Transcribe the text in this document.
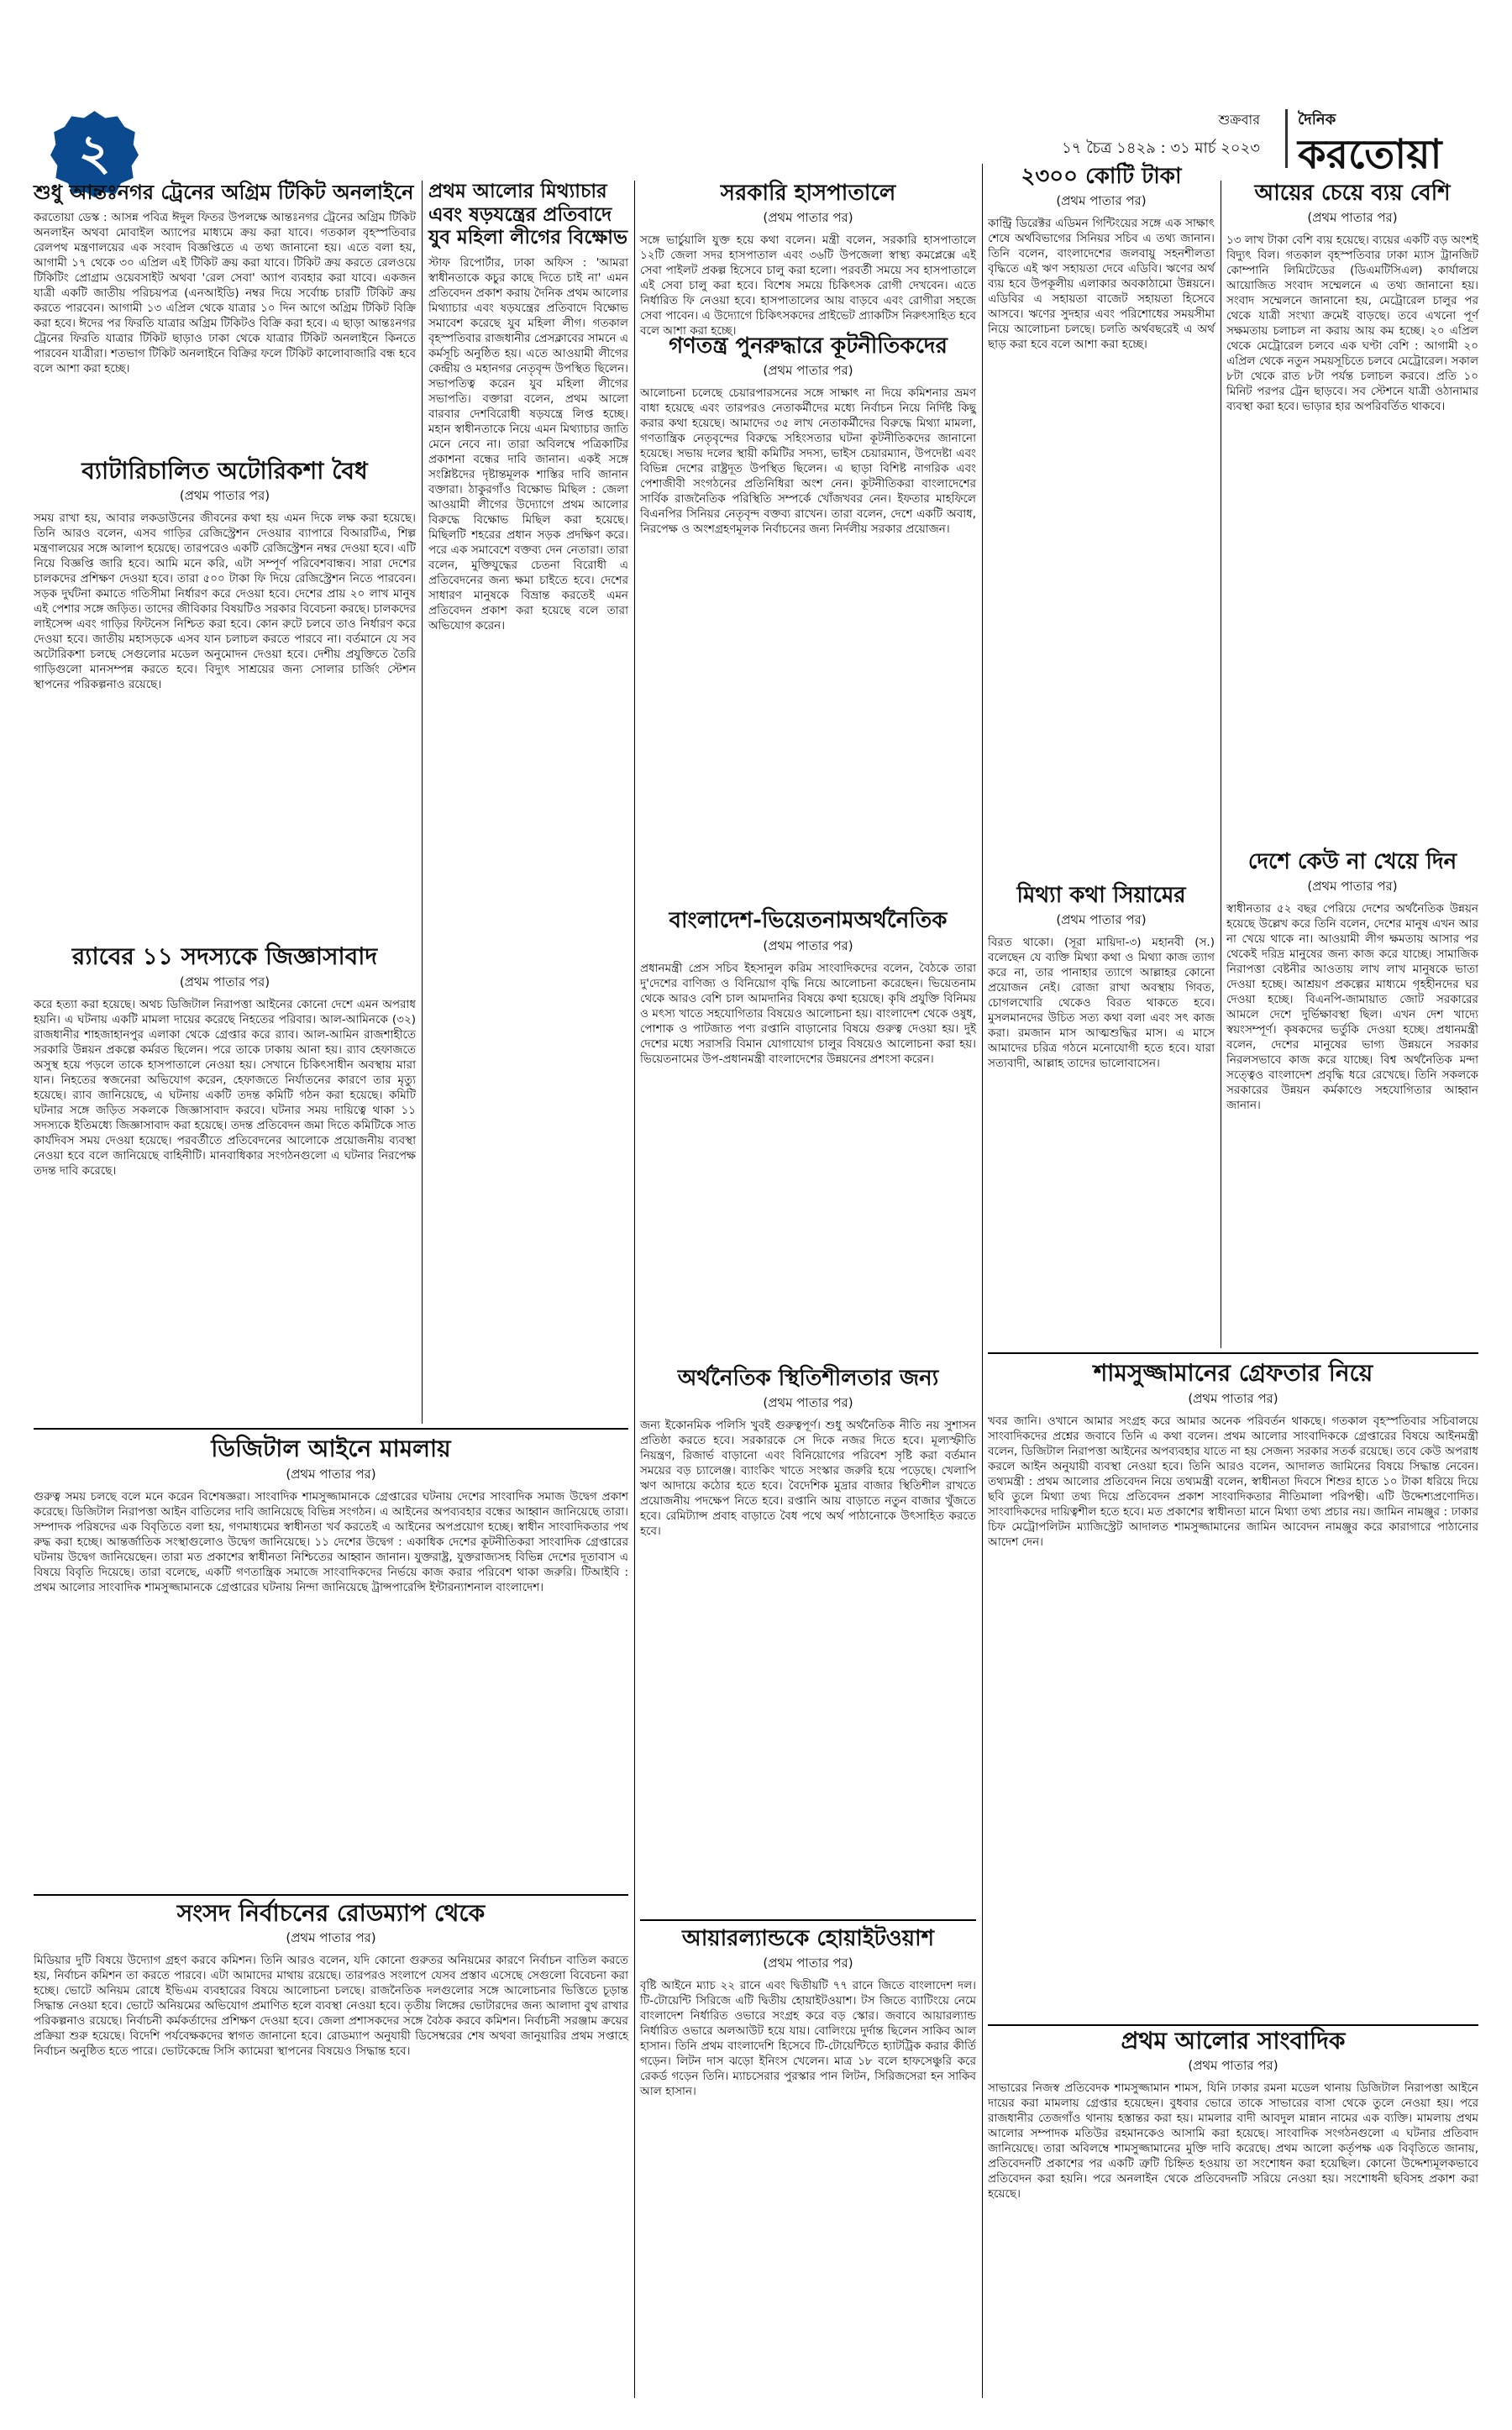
২
শুক্রবার
১৭ চৈত্র ১৪২৯ : ৩১ মার্চ ২০২৩
দৈনিক
করতোয়া
শুধু আন্তঃনগর ট্রেনের অগ্রিম টিকিট অনলাইনে
করতোয়া ডেস্ক : আসন্ন পবিত্র ঈদুল ফিতর উপলক্ষে আন্তঃনগর ট্রেনের অগ্রিম টিকিট অনলাইন অথবা মোবাইল অ্যাপের মাধ্যমে ক্রয় করা যাবে। গতকাল বৃহস্পতিবার রেলপথ মন্ত্রণালয়ের এক সংবাদ বিজ্ঞপ্তিতে এ তথ্য জানানো হয়। এতে বলা হয়, আগামী ১৭ থেকে ৩০ এপ্রিল এই টিকিট ক্রয় করা যাবে। টিকিট ক্রয় করতে রেলওয়ে টিকিটিং প্রোগ্রাম ওয়েবসাইট অথবা 'রেল সেবা' অ্যাপ ব্যবহার করা যাবে। একজন যাত্রী একটি জাতীয় পরিচয়পত্র (এনআইডি) নম্বর দিয়ে সর্বোচ্চ চারটি টিকিট ক্রয় করতে পারবেন। আগামী ১৩ এপ্রিল থেকে যাত্রার ১০ দিন আগে অগ্রিম টিকিট বিক্রি করা হবে। ঈদের পর ফিরতি যাত্রার অগ্রিম টিকিটও বিক্রি করা হবে। এ ছাড়া আন্তঃনগর ট্রেনের ফিরতি যাত্রার টিকিট ছাড়াও ঢাকা থেকে যাত্রার টিকিট অনলাইনে কিনতে পারবেন যাত্রীরা। শতভাগ টিকিট অনলাইনে বিক্রির ফলে টিকিট কালোবাজারি বন্ধ হবে বলে আশা করা হচ্ছে।
ব্যাটারিচালিত অটোরিকশা বৈধ
(প্রথম পাতার পর)
সময় রাখা হয়, আবার লকডাউনের জীবনের কথা হয় এমন দিকে লক্ষ করা হয়েছে। তিনি আরও বলেন, এসব গাড়ির রেজিস্ট্রেশন দেওয়ার ব্যাপারে বিআরটিএ, শিল্প মন্ত্রণালয়ের সঙ্গে আলাপ হয়েছে। তারপরেও একটি রেজিস্ট্রেশন নম্বর দেওয়া হবে। এটি নিয়ে বিজ্ঞপ্তি জারি হবে। আমি মনে করি, এটা সম্পূর্ণ পরিবেশবান্ধব। সারা দেশের চালকদের প্রশিক্ষণ দেওয়া হবে। তারা ৫০০ টাকা ফি দিয়ে রেজিস্ট্রেশন নিতে পারবেন। সড়ক দুর্ঘটনা কমাতে গতিসীমা নির্ধারণ করে দেওয়া হবে। দেশের প্রায় ২০ লাখ মানুষ এই পেশার সঙ্গে জড়িত। তাদের জীবিকার বিষয়টিও সরকার বিবেচনা করছে। চালকদের লাইসেন্স এবং গাড়ির ফিটনেস নিশ্চিত করা হবে। কোন রুটে চলবে তাও নির্ধারণ করে দেওয়া হবে। জাতীয় মহাসড়কে এসব যান চলাচল করতে পারবে না। বর্তমানে যে সব অটোরিকশা চলছে সেগুলোর মডেল অনুমোদন দেওয়া হবে। দেশীয় প্রযুক্তিতে তৈরি গাড়িগুলো মানসম্পন্ন করতে হবে। বিদ্যুৎ সাশ্রয়ের জন্য সোলার চার্জিং স্টেশন স্থাপনের পরিকল্পনাও রয়েছে।
র‌্যাবের ১১ সদস্যকে জিজ্ঞাসাবাদ
(প্রথম পাতার পর)
করে হত্যা করা হয়েছে। অথচ ডিজিটাল নিরাপত্তা আইনের কোনো দেশে এমন অপরাধ হয়নি। এ ঘটনায় একটি মামলা দায়ের করেছে নিহতের পরিবার। আল-আমিনকে (৩২) রাজধানীর শাহজাহানপুর এলাকা থেকে গ্রেপ্তার করে র‌্যাব। আল-আমিন রাজশাহীতে সরকারি উন্নয়ন প্রকল্পে কর্মরত ছিলেন। পরে তাকে ঢাকায় আনা হয়। র‌্যাব হেফাজতে অসুস্থ হয়ে পড়লে তাকে হাসপাতালে নেওয়া হয়। সেখানে চিকিৎসাধীন অবস্থায় মারা যান। নিহতের স্বজনেরা অভিযোগ করেন, হেফাজতে নির্যাতনের কারণে তার মৃত্যু হয়েছে। র‌্যাব জানিয়েছে, এ ঘটনায় একটি তদন্ত কমিটি গঠন করা হয়েছে। কমিটি ঘটনার সঙ্গে জড়িত সকলকে জিজ্ঞাসাবাদ করবে। ঘটনার সময় দায়িত্বে থাকা ১১ সদস্যকে ইতিমধ্যে জিজ্ঞাসাবাদ করা হয়েছে। তদন্ত প্রতিবেদন জমা দিতে কমিটিকে সাত কার্যদিবস সময় দেওয়া হয়েছে। পরবর্তীতে প্রতিবেদনের আলোকে প্রয়োজনীয় ব্যবস্থা নেওয়া হবে বলে জানিয়েছে বাহিনীটি। মানবাধিকার সংগঠনগুলো এ ঘটনার নিরপেক্ষ তদন্ত দাবি করেছে।
প্রথম আলোর মিথ্যাচার এবং ষড়যন্ত্রের প্রতিবাদে যুব মহিলা লীগের বিক্ষোভ
স্টাফ রিপোর্টার, ঢাকা অফিস : 'আমরা স্বাধীনতাকে কচুর কাছে দিতে চাই না' এমন প্রতিবেদন প্রকাশ করায় দৈনিক প্রথম আলোর মিথ্যাচার এবং ষড়যন্ত্রের প্রতিবাদে বিক্ষোভ সমাবেশ করেছে যুব মহিলা লীগ। গতকাল বৃহস্পতিবার রাজধানীর প্রেসক্লাবের সামনে এ কর্মসূচি অনুষ্ঠিত হয়। এতে আওয়ামী লীগের কেন্দ্রীয় ও মহানগর নেতৃবৃন্দ উপস্থিত ছিলেন। সভাপতিত্ব করেন যুব মহিলা লীগের সভাপতি। বক্তারা বলেন, প্রথম আলো বারবার দেশবিরোধী ষড়যন্ত্রে লিপ্ত হচ্ছে। মহান স্বাধীনতাকে নিয়ে এমন মিথ্যাচার জাতি মেনে নেবে না। তারা অবিলম্বে পত্রিকাটির প্রকাশনা বন্ধের দাবি জানান। একই সঙ্গে সংশ্লিষ্টদের দৃষ্টান্তমূলক শাস্তির দাবি জানান বক্তারা। ঠাকুরগাঁও বিক্ষোভ মিছিল : জেলা আওয়ামী লীগের উদ্যোগে প্রথম আলোর বিরুদ্ধে বিক্ষোভ মিছিল করা হয়েছে। মিছিলটি শহরের প্রধান সড়ক প্রদক্ষিণ করে। পরে এক সমাবেশে বক্তব্য দেন নেতারা। তারা বলেন, মুক্তিযুদ্ধের চেতনা বিরোধী এ প্রতিবেদনের জন্য ক্ষমা চাইতে হবে। দেশের সাধারণ মানুষকে বিভ্রান্ত করতেই এমন প্রতিবেদন প্রকাশ করা হয়েছে বলে তারা অভিযোগ করেন।
ডিজিটাল আইনে মামলায়
(প্রথম পাতার পর)
গুরুত্ব সময় চলছে বলে মনে করেন বিশেষজ্ঞরা। সাংবাদিক শামসুজ্জামানকে গ্রেপ্তারের ঘটনায় দেশের সাংবাদিক সমাজ উদ্বেগ প্রকাশ করেছে। ডিজিটাল নিরাপত্তা আইন বাতিলের দাবি জানিয়েছে বিভিন্ন সংগঠন। এ আইনের অপব্যবহার বন্ধের আহ্বান জানিয়েছে তারা। সম্পাদক পরিষদের এক বিবৃতিতে বলা হয়, গণমাধ্যমের স্বাধীনতা খর্ব করতেই এ আইনের অপপ্রয়োগ হচ্ছে। স্বাধীন সাংবাদিকতার পথ রুদ্ধ করা হচ্ছে। আন্তর্জাতিক সংস্থাগুলোও উদ্বেগ জানিয়েছে। ১১ দেশের উদ্বেগ : একাধিক দেশের কূটনীতিকরা সাংবাদিক গ্রেপ্তারের ঘটনায় উদ্বেগ জানিয়েছেন। তারা মত প্রকাশের স্বাধীনতা নিশ্চিতের আহ্বান জানান। যুক্তরাষ্ট্র, যুক্তরাজ্যসহ বিভিন্ন দেশের দূতাবাস এ বিষয়ে বিবৃতি দিয়েছে। তারা বলেছে, একটি গণতান্ত্রিক সমাজে সাংবাদিকদের নির্ভয়ে কাজ করার পরিবেশ থাকা জরুরি। টিআইবি : প্রথম আলোর সাংবাদিক শামসুজ্জামানকে গ্রেপ্তারের ঘটনায় নিন্দা জানিয়েছে ট্রান্সপারেন্সি ইন্টারন্যাশনাল বাংলাদেশ।
সংসদ নির্বাচনের রোডম্যাপ থেকে
(প্রথম পাতার পর)
মিডিয়ার দুটি বিষয়ে উদ্যোগ গ্রহণ করবে কমিশন। তিনি আরও বলেন, যদি কোনো গুরুতর অনিয়মের কারণে নির্বাচন বাতিল করতে হয়, নির্বাচন কমিশন তা করতে পারবে। এটা আমাদের মাথায় রয়েছে। তারপরও সংলাপে যেসব প্রস্তাব এসেছে সেগুলো বিবেচনা করা হচ্ছে। ভোটে অনিয়ম রোধে ইভিএম ব্যবহারের বিষয়ে আলোচনা চলছে। রাজনৈতিক দলগুলোর সঙ্গে আলোচনার ভিত্তিতে চূড়ান্ত সিদ্ধান্ত নেওয়া হবে। ভোটে অনিয়মের অভিযোগ প্রমাণিত হলে ব্যবস্থা নেওয়া হবে। তৃতীয় লিঙ্গের ভোটারদের জন্য আলাদা বুথ রাখার পরিকল্পনাও রয়েছে। নির্বাচনী কর্মকর্তাদের প্রশিক্ষণ দেওয়া হবে। জেলা প্রশাসকদের সঙ্গে বৈঠক করবে কমিশন। নির্বাচনী সরঞ্জাম ক্রয়ের প্রক্রিয়া শুরু হয়েছে। বিদেশি পর্যবেক্ষকদের স্বাগত জানানো হবে। রোডম্যাপ অনুযায়ী ডিসেম্বরের শেষ অথবা জানুয়ারির প্রথম সপ্তাহে নির্বাচন অনুষ্ঠিত হতে পারে। ভোটকেন্দ্রে সিসি ক্যামেরা স্থাপনের বিষয়েও সিদ্ধান্ত হবে।
সরকারি হাসপাতালে
(প্রথম পাতার পর)
সঙ্গে ভার্চুয়ালি যুক্ত হয়ে কথা বলেন। মন্ত্রী বলেন, সরকারি হাসপাতালে ১২টি জেলা সদর হাসপাতাল এবং ৩৬টি উপজেলা স্বাস্থ্য কমপ্লেক্সে এই সেবা পাইলট প্রকল্প হিসেবে চালু করা হলো। পরবর্তী সময়ে সব হাসপাতালে এই সেবা চালু করা হবে। বিশেষ সময়ে চিকিৎসক রোগী দেখবেন। এতে নির্ধারিত ফি নেওয়া হবে। হাসপাতালের আয় বাড়বে এবং রোগীরা সহজে সেবা পাবেন। এ উদ্যোগে চিকিৎসকদের প্রাইভেট প্র্যাকটিস নিরুৎসাহিত হবে বলে আশা করা হচ্ছে।
গণতন্ত্র পুনরুদ্ধারে কূটনীতিকদের
(প্রথম পাতার পর)
আলোচনা চলেছে চেয়ারপারসনের সঙ্গে সাক্ষাৎ না দিয়ে কমিশনার ভ্রমণ বাধা হয়েছে এবং তারপরও নেতাকর্মীদের মধ্যে নির্বাচন নিয়ে নির্দিষ্ট কিছু করার কথা হয়েছে। আমাদের ৩৫ লাখ নেতাকর্মীদের বিরুদ্ধে মিথ্যা মামলা, গণতান্ত্রিক নেতৃবৃন্দের বিরুদ্ধে সহিংসতার ঘটনা কূটনীতিকদের জানানো হয়েছে। সভায় দলের স্থায়ী কমিটির সদস্য, ভাইস চেয়ারম্যান, উপদেষ্টা এবং বিভিন্ন দেশের রাষ্ট্রদূত উপস্থিত ছিলেন। এ ছাড়া বিশিষ্ট নাগরিক এবং পেশাজীবী সংগঠনের প্রতিনিধিরা অংশ নেন। কূটনীতিকরা বাংলাদেশের সার্বিক রাজনৈতিক পরিস্থিতি সম্পর্কে খোঁজখবর নেন। ইফতার মাহফিলে বিএনপির সিনিয়র নেতৃবৃন্দ বক্তব্য রাখেন। তারা বলেন, দেশে একটি অবাধ, নিরপেক্ষ ও অংশগ্রহণমূলক নির্বাচনের জন্য নির্দলীয় সরকার প্রয়োজন।
বাংলাদেশ-ভিয়েতনামঅর্থনৈতিক
(প্রথম পাতার পর)
প্রধানমন্ত্রী প্রেস সচিব ইহসানুল করিম সাংবাদিকদের বলেন, বৈঠকে তারা দু'দেশের বাণিজ্য ও বিনিয়োগ বৃদ্ধি নিয়ে আলোচনা করেছেন। ভিয়েতনাম থেকে আরও বেশি চাল আমদানির বিষয়ে কথা হয়েছে। কৃষি প্রযুক্তি বিনিময় ও মৎস্য খাতে সহযোগিতার বিষয়েও আলোচনা হয়। বাংলাদেশ থেকে ওষুধ, পোশাক ও পাটজাত পণ্য রপ্তানি বাড়ানোর বিষয়ে গুরুত্ব দেওয়া হয়। দুই দেশের মধ্যে সরাসরি বিমান যোগাযোগ চালুর বিষয়েও আলোচনা করা হয়। ভিয়েতনামের উপ-প্রধানমন্ত্রী বাংলাদেশের উন্নয়নের প্রশংসা করেন।
অর্থনৈতিক স্থিতিশীলতার জন্য
(প্রথম পাতার পর)
জন্য ইকোনমিক পলিসি খুবই গুরুত্বপূর্ণ। শুধু অর্থনৈতিক নীতি নয় সুশাসন প্রতিষ্ঠা করতে হবে। সরকারকে সে দিকে নজর দিতে হবে। মূল্যস্ফীতি নিয়ন্ত্রণ, রিজার্ভ বাড়ানো এবং বিনিয়োগের পরিবেশ সৃষ্টি করা বর্তমান সময়ের বড় চ্যালেঞ্জ। ব্যাংকিং খাতে সংস্কার জরুরি হয়ে পড়েছে। খেলাপি ঋণ আদায়ে কঠোর হতে হবে। বৈদেশিক মুদ্রার বাজার স্থিতিশীল রাখতে প্রয়োজনীয় পদক্ষেপ নিতে হবে। রপ্তানি আয় বাড়াতে নতুন বাজার খুঁজতে হবে। রেমিট্যান্স প্রবাহ বাড়াতে বৈধ পথে অর্থ পাঠানোকে উৎসাহিত করতে হবে।
আয়ারল্যান্ডকে হোয়াইটওয়াশ
(প্রথম পাতার পর)
বৃষ্টি আইনে ম্যাচ ২২ রানে এবং দ্বিতীয়টি ৭৭ রানে জিতে বাংলাদেশ দল। টি-টোয়েন্টি সিরিজে এটি দ্বিতীয় হোয়াইটওয়াশ। টস জিতে ব্যাটিংয়ে নেমে বাংলাদেশ নির্ধারিত ওভারে সংগ্রহ করে বড় স্কোর। জবাবে আয়ারল্যান্ড নির্ধারিত ওভারে অলআউট হয়ে যায়। বোলিংয়ে দুর্দান্ত ছিলেন সাকিব আল হাসান। তিনি প্রথম বাংলাদেশি হিসেবে টি-টোয়েন্টিতে হ্যাটট্রিক করার কীর্তি গড়েন। লিটন দাস ঝড়ো ইনিংস খেলেন। মাত্র ১৮ বলে হাফসেঞ্চুরি করে রেকর্ড গড়েন তিনি। ম্যাচসেরার পুরস্কার পান লিটন, সিরিজসেরা হন সাকিব আল হাসান।
২৩০০ কোটি টাকা
(প্রথম পাতার পর)
কান্ট্রি ডিরেক্টর এডিমন গিন্টিংয়ের সঙ্গে এক সাক্ষাৎ শেষে অর্থবিভাগের সিনিয়র সচিব এ তথ্য জানান। তিনি বলেন, বাংলাদেশের জলবায়ু সহনশীলতা বৃদ্ধিতে এই ঋণ সহায়তা দেবে এডিবি। ঋণের অর্থ ব্যয় হবে উপকূলীয় এলাকার অবকাঠামো উন্নয়নে। এডিবির এ সহায়তা বাজেট সহায়তা হিসেবে আসবে। ঋণের সুদহার এবং পরিশোধের সময়সীমা নিয়ে আলোচনা চলছে। চলতি অর্থবছরেই এ অর্থ ছাড় করা হবে বলে আশা করা হচ্ছে।
মিথ্যা কথা সিয়ামের
(প্রথম পাতার পর)
বিরত থাকো। (সূরা মায়িদা-৩) মহানবী (স.) বলেছেন যে ব্যক্তি মিথ্যা কথা ও মিথ্যা কাজ ত্যাগ করে না, তার পানাহার ত্যাগে আল্লাহর কোনো প্রয়োজন নেই। রোজা রাখা অবস্থায় গিবত, চোগলখোরি থেকেও বিরত থাকতে হবে। মুসলমানদের উচিত সত্য কথা বলা এবং সৎ কাজ করা। রমজান মাস আত্মশুদ্ধির মাস। এ মাসে আমাদের চরিত্র গঠনে মনোযোগী হতে হবে। যারা সত্যবাদী, আল্লাহ তাদের ভালোবাসেন।
আয়ের চেয়ে ব্যয় বেশি
(প্রথম পাতার পর)
১৩ লাখ টাকা বেশি ব্যয় হয়েছে। ব্যয়ের একটি বড় অংশই বিদ্যুৎ বিল। গতকাল বৃহস্পতিবার ঢাকা ম্যাস ট্রানজিট কোম্পানি লিমিটেডের (ডিএমটিসিএল) কার্যালয়ে আয়োজিত সংবাদ সম্মেলনে এ তথ্য জানানো হয়। সংবাদ সম্মেলনে জানানো হয়, মেট্রোরেল চালুর পর থেকে যাত্রী সংখ্যা ক্রমেই বাড়ছে। তবে এখনো পূর্ণ সক্ষমতায় চলাচল না করায় আয় কম হচ্ছে। ২০ এপ্রিল থেকে মেট্রোরেল চলবে এক ঘণ্টা বেশি : আগামী ২০ এপ্রিল থেকে নতুন সময়সূচিতে চলবে মেট্রোরেল। সকাল ৮টা থেকে রাত ৮টা পর্যন্ত চলাচল করবে। প্রতি ১০ মিনিট পরপর ট্রেন ছাড়বে। সব স্টেশনে যাত্রী ওঠানামার ব্যবস্থা করা হবে। ভাড়ার হার অপরিবর্তিত থাকবে।
দেশে কেউ না খেয়ে দিন
(প্রথম পাতার পর)
স্বাধীনতার ৫২ বছর পেরিয়ে দেশের অর্থনৈতিক উন্নয়ন হয়েছে উল্লেখ করে তিনি বলেন, দেশের মানুষ এখন আর না খেয়ে থাকে না। আওয়ামী লীগ ক্ষমতায় আসার পর থেকেই দরিদ্র মানুষের জন্য কাজ করে যাচ্ছে। সামাজিক নিরাপত্তা বেষ্টনীর আওতায় লাখ লাখ মানুষকে ভাতা দেওয়া হচ্ছে। আশ্রয়ণ প্রকল্পের মাধ্যমে গৃহহীনদের ঘর দেওয়া হচ্ছে। বিএনপি-জামায়াত জোট সরকারের আমলে দেশে দুর্ভিক্ষাবস্থা ছিল। এখন দেশ খাদ্যে স্বয়ংসম্পূর্ণ। কৃষকদের ভর্তুকি দেওয়া হচ্ছে। প্রধানমন্ত্রী বলেন, দেশের মানুষের ভাগ্য উন্নয়নে সরকার নিরলসভাবে কাজ করে যাচ্ছে। বিশ্ব অর্থনৈতিক মন্দা সত্ত্বেও বাংলাদেশ প্রবৃদ্ধি ধরে রেখেছে। তিনি সকলকে সরকারের উন্নয়ন কর্মকাণ্ডে সহযোগিতার আহ্বান জানান।
শামসুজ্জামানের গ্রেফতার নিয়ে
(প্রথম পাতার পর)
খবর জানি। ওখানে আমার সংগ্রহ করে আমার অনেক পরিবর্তন থাকছে। গতকাল বৃহস্পতিবার সচিবালয়ে সাংবাদিকদের প্রশ্নের জবাবে তিনি এ কথা বলেন। প্রথম আলোর সাংবাদিককে গ্রেপ্তারের বিষয়ে আইনমন্ত্রী বলেন, ডিজিটাল নিরাপত্তা আইনের অপব্যবহার যাতে না হয় সেজন্য সরকার সতর্ক রয়েছে। তবে কেউ অপরাধ করলে আইন অনুযায়ী ব্যবস্থা নেওয়া হবে। তিনি আরও বলেন, আদালত জামিনের বিষয়ে সিদ্ধান্ত নেবেন। তথ্যমন্ত্রী : প্রথম আলোর প্রতিবেদন নিয়ে তথ্যমন্ত্রী বলেন, স্বাধীনতা দিবসে শিশুর হাতে ১০ টাকা ধরিয়ে দিয়ে ছবি তুলে মিথ্যা তথ্য দিয়ে প্রতিবেদন প্রকাশ সাংবাদিকতার নীতিমালা পরিপন্থী। এটি উদ্দেশ্যপ্রণোদিত। সাংবাদিকদের দায়িত্বশীল হতে হবে। মত প্রকাশের স্বাধীনতা মানে মিথ্যা তথ্য প্রচার নয়। জামিন নামঞ্জুর : ঢাকার চিফ মেট্রোপলিটন ম্যাজিস্ট্রেট আদালত শামসুজ্জামানের জামিন আবেদন নামঞ্জুর করে কারাগারে পাঠানোর আদেশ দেন।
প্রথম আলোর সাংবাদিক
(প্রথম পাতার পর)
সাভারের নিজস্ব প্রতিবেদক শামসুজ্জামান শামস, যিনি ঢাকার রমনা মডেল থানায় ডিজিটাল নিরাপত্তা আইনে দায়ের করা মামলায় গ্রেপ্তার হয়েছেন। বুধবার ভোরে তাকে সাভারের বাসা থেকে তুলে নেওয়া হয়। পরে রাজধানীর তেজগাঁও থানায় হস্তান্তর করা হয়। মামলার বাদী আবদুল মান্নান নামের এক ব্যক্তি। মামলায় প্রথম আলোর সম্পাদক মতিউর রহমানকেও আসামি করা হয়েছে। সাংবাদিক সংগঠনগুলো এ ঘটনার প্রতিবাদ জানিয়েছে। তারা অবিলম্বে শামসুজ্জামানের মুক্তি দাবি করেছে। প্রথম আলো কর্তৃপক্ষ এক বিবৃতিতে জানায়, প্রতিবেদনটি প্রকাশের পর একটি ত্রুটি চিহ্নিত হওয়ায় তা সংশোধন করা হয়েছিল। কোনো উদ্দেশ্যমূলকভাবে প্রতিবেদন করা হয়নি। পরে অনলাইন থেকে প্রতিবেদনটি সরিয়ে নেওয়া হয়। সংশোধনী ছবিসহ প্রকাশ করা হয়েছে।
